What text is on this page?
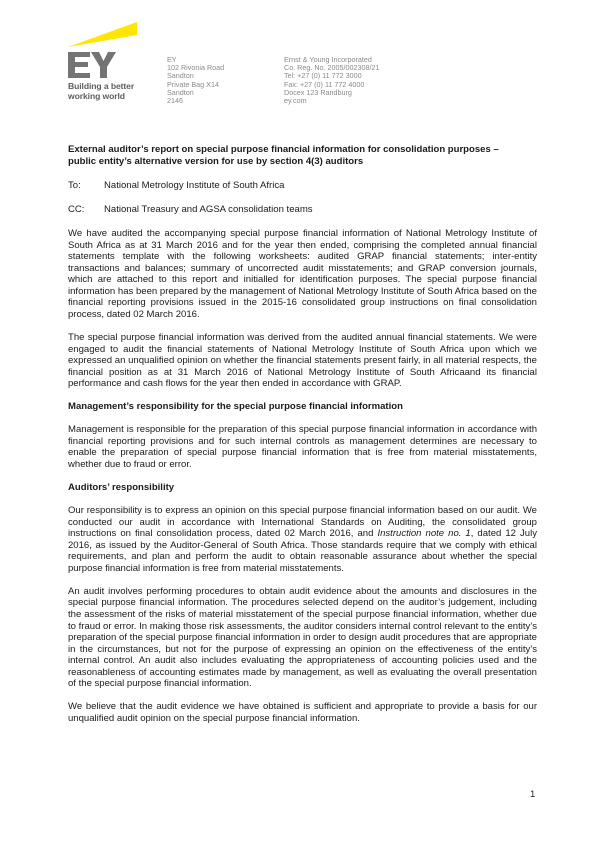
Building a better
working world
EY
102 Rivonia Road
Sandton
Private Bag X14
Sandton
2146
Ernst & Young Incorporated
Co. Reg. No. 2005/002308/21
Tel: +27 (0) 11 772 3000
Fax: +27 (0) 11 772 4000
Docex 123 Randburg
ey.com
External auditor’s report on special purpose financial information for consolidation purposes –
public entity’s alternative version for use by section 4(3) auditors
To:	National Metrology Institute of South Africa
CC:	National Treasury and AGSA consolidation teams

We have audited the accompanying special purpose financial information of National Metrology Institute of South Africa as at 31 March 2016 and for the year then ended, comprising the completed annual financial statements template with the following worksheets: audited GRAP financial statements; inter-entity transactions and balances; summary of uncorrected audit misstatements; and GRAP conversion journals, which are attached to this report and initialled for identification purposes. The special purpose financial information has been prepared by the management of National Metrology Institute of South Africa based on the financial reporting provisions issued in the 2015-16 consolidated group instructions on final consolidation process, dated 02 March 2016.

The special purpose financial information was derived from the audited annual financial statements. We were engaged to audit the financial statements of National Metrology Institute of South Africa upon which we expressed an unqualified opinion on whether the financial statements present fairly, in all material respects, the financial position as at 31 March 2016 of National Metrology Institute of South Africaand its financial performance and cash flows for the year then ended in accordance with GRAP.

Management’s responsibility for the special purpose financial information

Management is responsible for the preparation of this special purpose financial information in accordance with financial reporting provisions and for such internal controls as management determines are necessary to enable the preparation of special purpose financial information that is free from material misstatements, whether due to fraud or error.

Auditors’ responsibility

Our responsibility is to express an opinion on this special purpose financial information based on our audit. We conducted our audit in accordance with International Standards on Auditing, the consolidated group instructions on final consolidation process, dated 02 March 2016, and Instruction note no. 1, dated 12 July 2016, as issued by the Auditor-General of South Africa. Those standards require that we comply with ethical requirements, and plan and perform the audit to obtain reasonable assurance about whether the special purpose financial information is free from material misstatements.

An audit involves performing procedures to obtain audit evidence about the amounts and disclosures in the special purpose financial information. The procedures selected depend on the auditor’s judgement, including the assessment of the risks of material misstatement of the special purpose financial information, whether due to fraud or error. In making those risk assessments, the auditor considers internal control relevant to the entity’s preparation of the special purpose financial information in order to design audit procedures that are appropriate in the circumstances, but not for the purpose of expressing an opinion on the effectiveness of the entity’s internal control. An audit also includes evaluating the appropriateness of accounting policies used and the reasonableness of accounting estimates made by management, as well as evaluating the overall presentation of the special purpose financial information.

We believe that the audit evidence we have obtained is sufficient and appropriate to provide a basis for our unqualified audit opinion on the special purpose financial information.

1
